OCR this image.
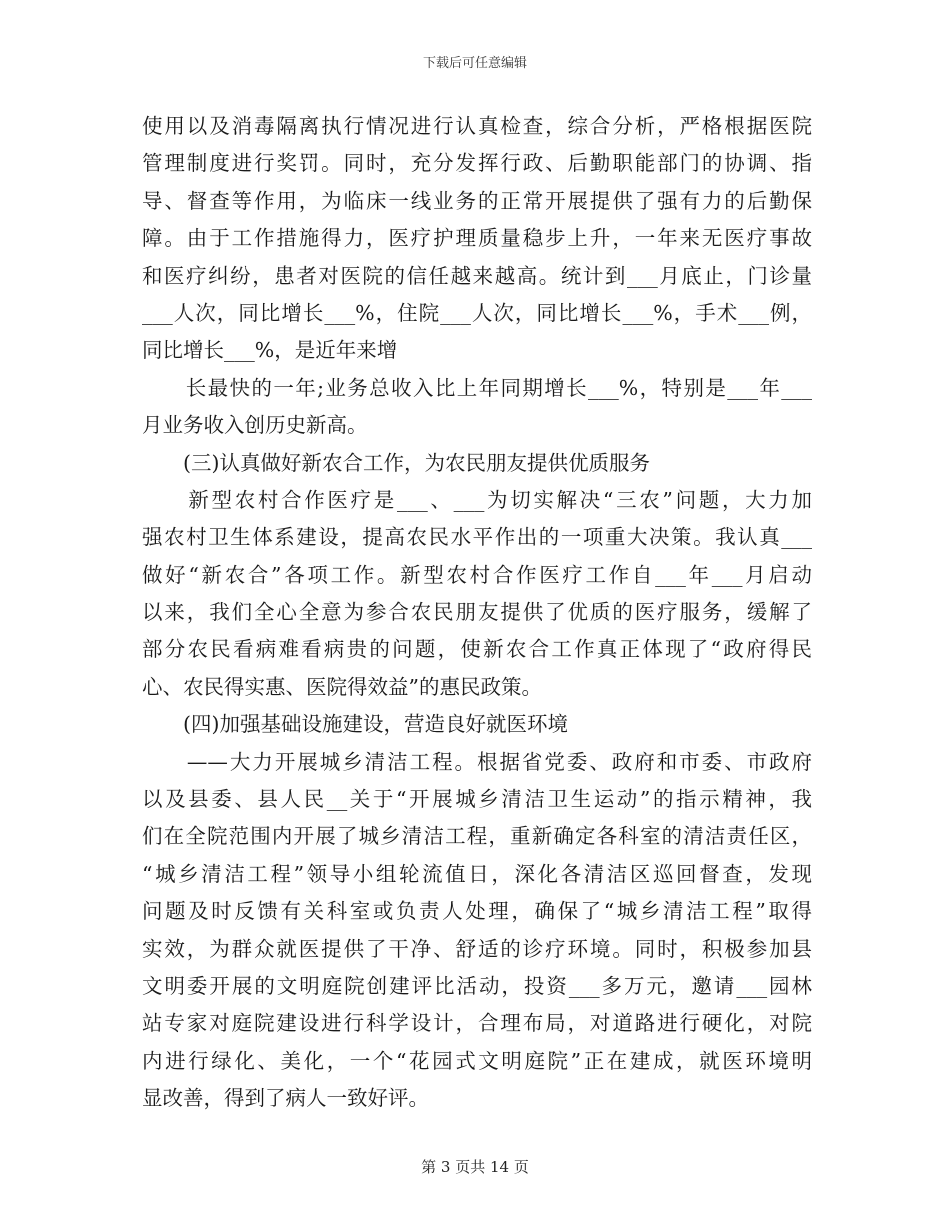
下载后可任意编辑
使用以及消毒隔离执行情况进行认真检查，综合分析，严格根据医院
管理制度进行奖罚。同时，充分发挥行政、后勤职能部门的协调、指
导、督查等作用，为临床一线业务的正常开展提供了强有力的后勤保
障。由于工作措施得力，医疗护理质量稳步上升，一年来无医疗事故
和医疗纠纷，患者对医院的信任越来越高。统计到___月底止，门诊量
___人次，同比增长___%，住院___人次，同比增长___%，手术___例，
同比增长___%，是近年来增
　　长最快的一年;业务总收入比上年同期增长___%，特别是___年___
月业务收入创历史新高。
　　(三)认真做好新农合工作，为农民朋友提供优质服务
　　新型农村合作医疗是___、___为切实解决“三农”问题，大力加
强农村卫生体系建设，提高农民水平作出的一项重大决策。我认真___
做好“新农合”各项工作。新型农村合作医疗工作自___年___月启动
以来，我们全心全意为参合农民朋友提供了优质的医疗服务，缓解了
部分农民看病难看病贵的问题，使新农合工作真正体现了“政府得民
心、农民得实惠、医院得效益”的惠民政策。
　　(四)加强基础设施建设，营造良好就医环境
　　——大力开展城乡清洁工程。根据省党委、政府和市委、市政府
以及县委、县人民__关于“开展城乡清洁卫生运动”的指示精神，我
们在全院范围内开展了城乡清洁工程，重新确定各科室的清洁责任区，
“城乡清洁工程”领导小组轮流值日，深化各清洁区巡回督查，发现
问题及时反馈有关科室或负责人处理，确保了“城乡清洁工程”取得
实效，为群众就医提供了干净、舒适的诊疗环境。同时，积极参加县
文明委开展的文明庭院创建评比活动，投资___多万元，邀请___园林
站专家对庭院建设进行科学设计，合理布局，对道路进行硬化，对院
内进行绿化、美化，一个“花园式文明庭院”正在建成，就医环境明
显改善，得到了病人一致好评。
第 3 页共 14 页
